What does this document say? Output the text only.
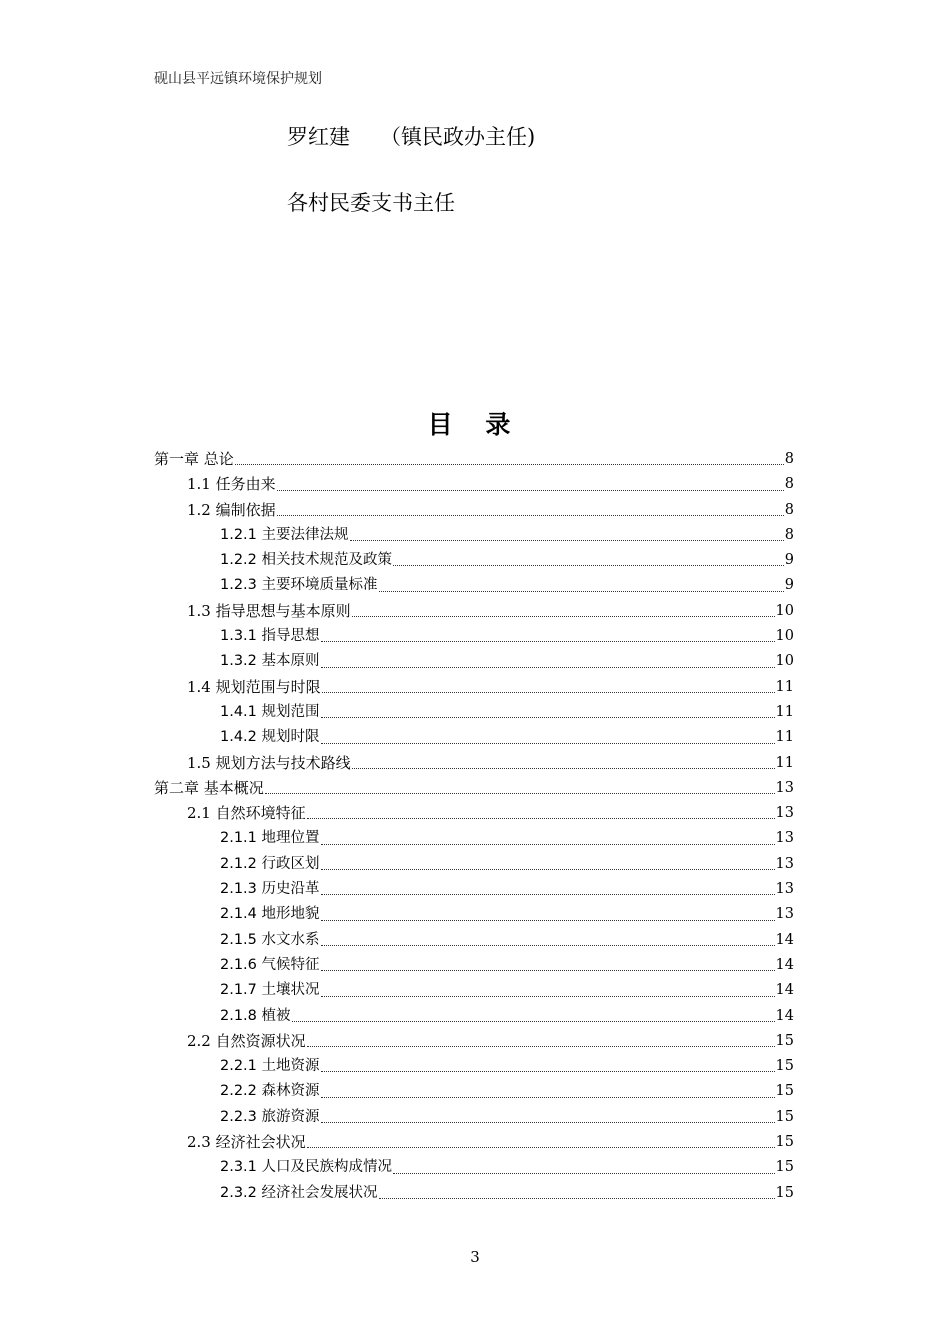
砚山县平远镇环境保护规划
罗红建 （镇民政办主任)
各村民委支书主任
目 录
第一章 总论	8
1.1 任务由来	8
1.2 编制依据	8
1.2.1 主要法律法规	8
1.2.2 相关技术规范及政策	9
1.2.3 主要环境质量标准	9
1.3 指导思想与基本原则	10
1.3.1 指导思想	10
1.3.2 基本原则	10
1.4 规划范围与时限	11
1.4.1 规划范围	11
1.4.2 规划时限	11
1.5 规划方法与技术路线	11
第二章 基本概况	13
2.1 自然环境特征	13
2.1.1 地理位置	13
2.1.2 行政区划	13
2.1.3 历史沿革	13
2.1.4 地形地貌	13
2.1.5 水文水系	14
2.1.6 气候特征	14
2.1.7 土壤状况	14
2.1.8 植被	14
2.2 自然资源状况	15
2.2.1 土地资源	15
2.2.2 森林资源	15
2.2.3 旅游资源	15
2.3 经济社会状况	15
2.3.1 人口及民族构成情况	15
2.3.2 经济社会发展状况	15
3
